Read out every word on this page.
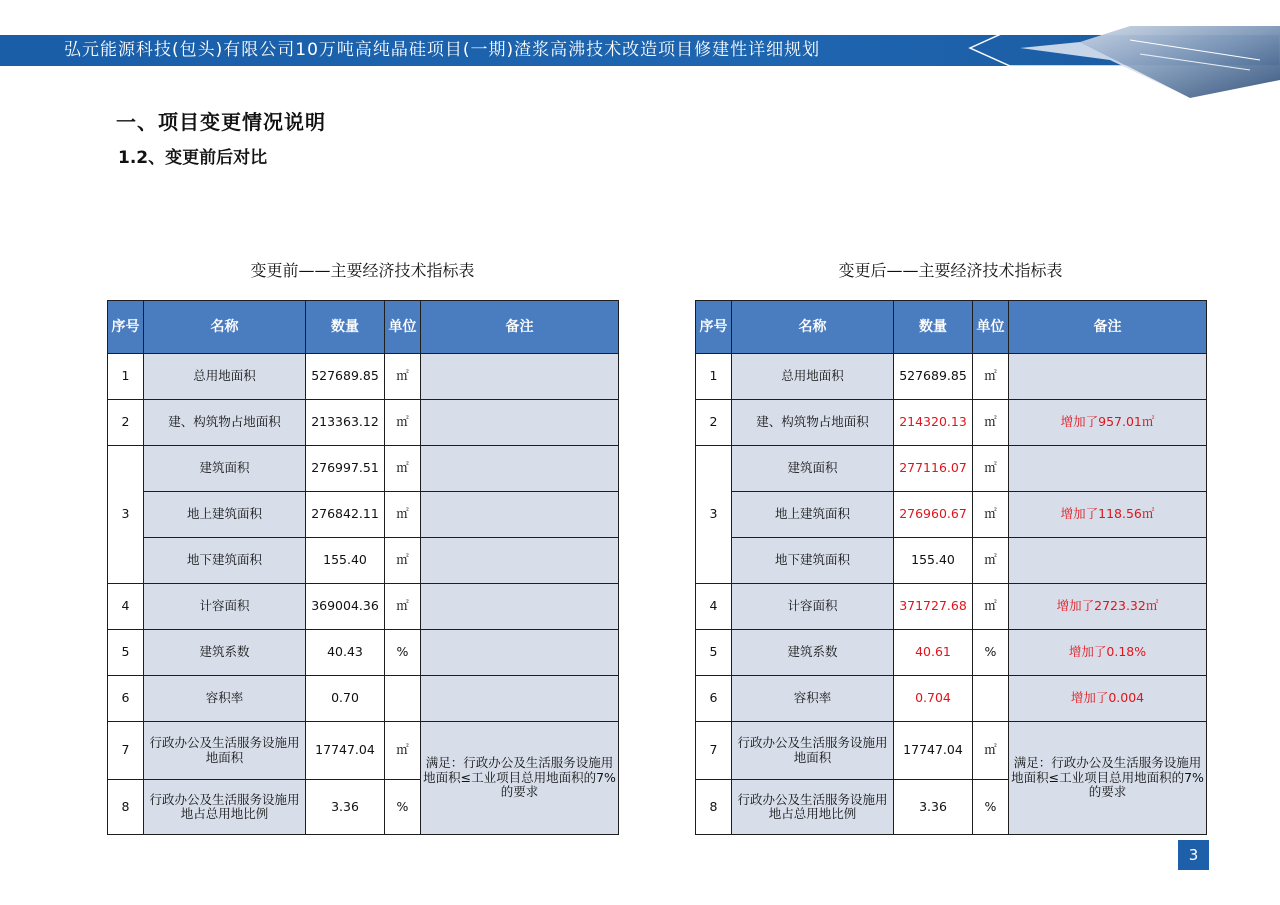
弘元能源科技(包头)有限公司10万吨高纯晶硅项目(一期)渣浆高沸技术改造项目修建性详细规划
一、项目变更情况说明
1.2、变更前后对比
变更前——主要经济技术指标表	变更后——主要经济技术指标表
序号	名称	数量	单位	备注
1	总用地面积	527689.85	㎡	
2	建、构筑物占地面积	213363.12	㎡	
3	建筑面积	276997.51	㎡	
	地上建筑面积	276842.11	㎡	
	地下建筑面积	155.40	㎡	
4	计容面积	369004.36	㎡	
5	建筑系数	40.43	%	
6	容积率	0.70		
7	行政办公及生活服务设施用地面积	17747.04	㎡	满足：行政办公及生活服务设施用地面积≤工业项目总用地面积的7%的要求
8	行政办公及生活服务设施用地占总用地比例	3.36	%	
序号	名称	数量	单位	备注
1	总用地面积	527689.85	㎡	
2	建、构筑物占地面积	214320.13	㎡	增加了957.01㎡
3	建筑面积	277116.07	㎡	
	地上建筑面积	276960.67	㎡	增加了118.56㎡
	地下建筑面积	155.40	㎡	
4	计容面积	371727.68	㎡	增加了2723.32㎡
5	建筑系数	40.61	%	增加了0.18%
6	容积率	0.704		增加了0.004
7	行政办公及生活服务设施用地面积	17747.04	㎡	满足：行政办公及生活服务设施用地面积≤工业项目总用地面积的7%的要求
8	行政办公及生活服务设施用地占总用地比例	3.36	%	
3
